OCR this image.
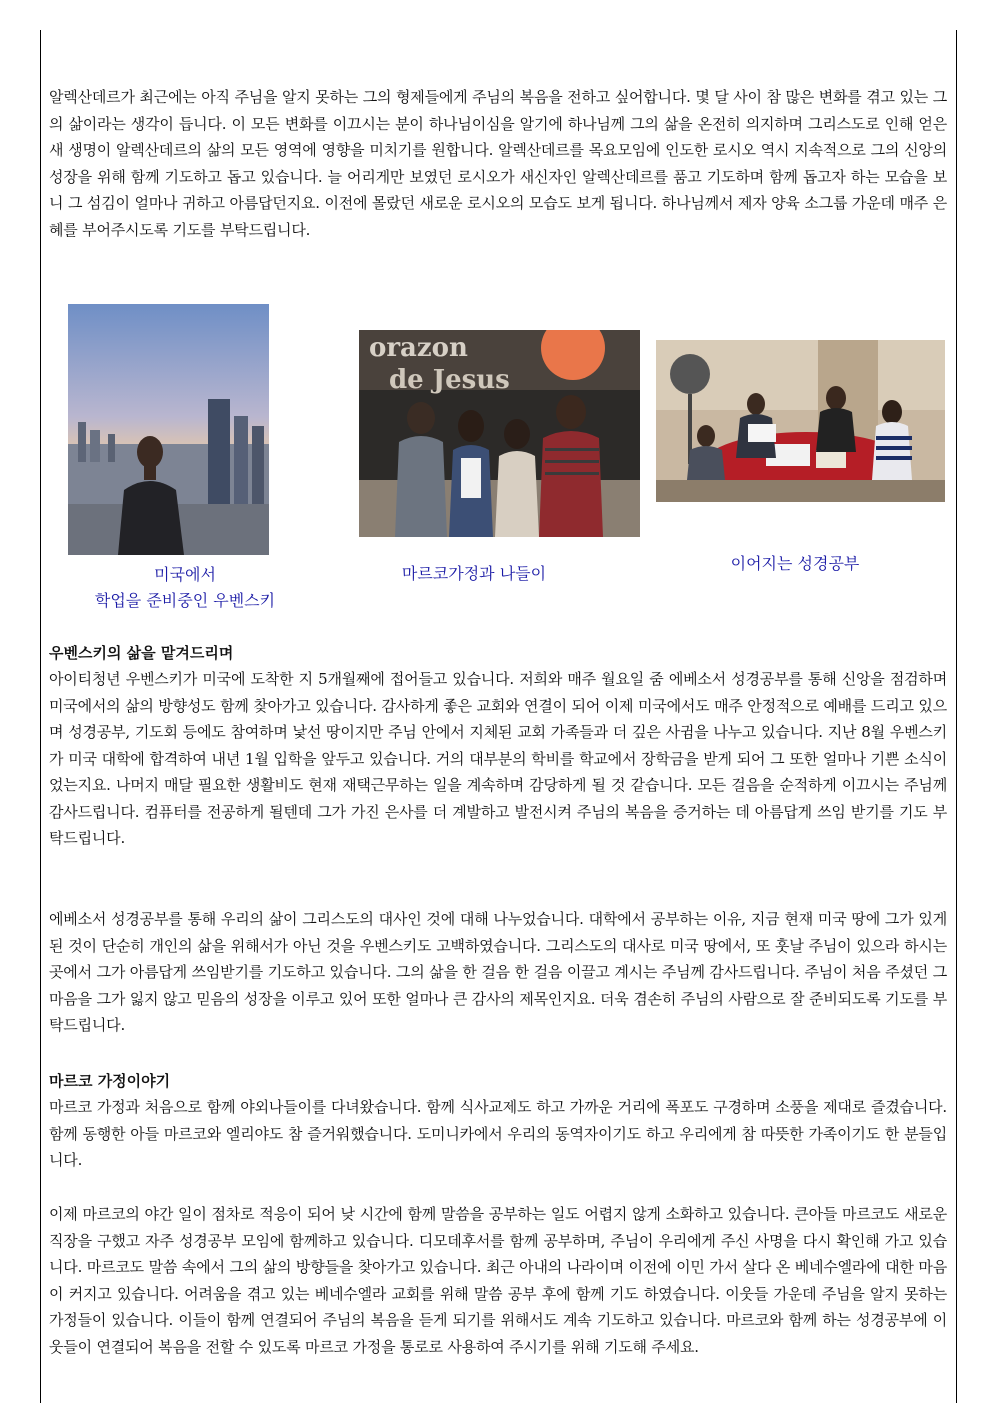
알렉산데르가 최근에는 아직 주님을 알지 못하는 그의 형제들에게 주님의 복음을 전하고 싶어합니다. 몇 달 사이 참 많은 변화를 겪고 있는 그의 삶이라는 생각이 듭니다. 이 모든 변화를 이끄시는 분이 하나님이심을 알기에 하나님께 그의 삶을 온전히 의지하며 그리스도로 인해 얻은 새 생명이 알렉산데르의 삶의 모든 영역에 영향을 미치기를 원합니다. 알렉산데르를 목요모임에 인도한 로시오 역시 지속적으로 그의 신앙의 성장을 위해 함께 기도하고 돕고 있습니다. 늘 어리게만 보였던 로시오가 새신자인 알렉산데르를 품고 기도하며 함께 돕고자 하는 모습을 보니 그 섬김이 얼마나 귀하고 아름답던지요. 이전에 몰랐던 새로운 로시오의 모습도 보게 됩니다. 하나님께서 제자 양육 소그룹 가운데 매주 은혜를 부어주시도록 기도를 부탁드립니다.

미국에서
학업을 준비중인 우벤스키
orazon
de Jesus
마르코가정과 나들이
이어지는 성경공부
우벤스키의 삶을 맡겨드리며

아이티청년 우벤스키가 미국에 도착한 지 5개월째에 접어들고 있습니다. 저희와 매주 월요일 줌 에베소서 성경공부를 통해 신앙을 점검하며 미국에서의 삶의 방향성도 함께 찾아가고 있습니다. 감사하게 좋은 교회와 연결이 되어 이제 미국에서도 매주 안정적으로 예배를 드리고 있으며 성경공부, 기도회 등에도 참여하며 낯선 땅이지만 주님 안에서 지체된 교회 가족들과 더 깊은 사귐을 나누고 있습니다. 지난 8월 우벤스키가 미국 대학에 합격하여 내년 1월 입학을 앞두고 있습니다. 거의 대부분의 학비를 학교에서 장학금을 받게 되어 그 또한 얼마나 기쁜 소식이었는지요. 나머지 매달 필요한 생활비도 현재 재택근무하는 일을 계속하며 감당하게 될 것 같습니다. 모든 걸음을 순적하게 이끄시는 주님께 감사드립니다. 컴퓨터를 전공하게 될텐데 그가 가진 은사를 더 계발하고 발전시켜 주님의 복음을 증거하는 데 아름답게 쓰임 받기를 기도 부탁드립니다.

에베소서 성경공부를 통해 우리의 삶이 그리스도의 대사인 것에 대해 나누었습니다. 대학에서 공부하는 이유, 지금 현재 미국 땅에 그가 있게 된 것이 단순히 개인의 삶을 위해서가 아닌 것을 우벤스키도 고백하였습니다. 그리스도의 대사로 미국 땅에서, 또 훗날 주님이 있으라 하시는 곳에서 그가 아름답게 쓰임받기를 기도하고 있습니다. 그의 삶을 한 걸음 한 걸음 이끌고 계시는 주님께 감사드립니다. 주님이 처음 주셨던 그 마음을 그가 잃지 않고 믿음의 성장을 이루고 있어 또한 얼마나 큰 감사의 제목인지요. 더욱 겸손히 주님의 사람으로 잘 준비되도록 기도를 부탁드립니다.

마르코 가정이야기

마르코 가정과 처음으로 함께 야외나들이를 다녀왔습니다. 함께 식사교제도 하고 가까운 거리에 폭포도 구경하며 소풍을 제대로 즐겼습니다. 함께 동행한 아들 마르코와 엘리야도 참 즐거워했습니다. 도미니카에서 우리의 동역자이기도 하고 우리에게 참 따뜻한 가족이기도 한 분들입니다.

이제 마르코의 야간 일이 점차로 적응이 되어 낮 시간에 함께 말씀을 공부하는 일도 어렵지 않게 소화하고 있습니다. 큰아들 마르코도 새로운 직장을 구했고 자주 성경공부 모임에 함께하고 있습니다. 디모데후서를 함께 공부하며, 주님이 우리에게 주신 사명을 다시 확인해 가고 있습니다. 마르코도 말씀 속에서 그의 삶의 방향들을 찾아가고 있습니다. 최근 아내의 나라이며 이전에 이민 가서 살다 온 베네수엘라에 대한 마음이 커지고 있습니다. 어려움을 겪고 있는 베네수엘라 교회를 위해 말씀 공부 후에 함께 기도 하였습니다. 이웃들 가운데 주님을 알지 못하는 가정들이 있습니다. 이들이 함께 연결되어 주님의 복음을 듣게 되기를 위해서도 계속 기도하고 있습니다. 마르코와 함께 하는 성경공부에 이웃들이 연결되어 복음을 전할 수 있도록 마르코 가정을 통로로 사용하여 주시기를 위해 기도해 주세요.
